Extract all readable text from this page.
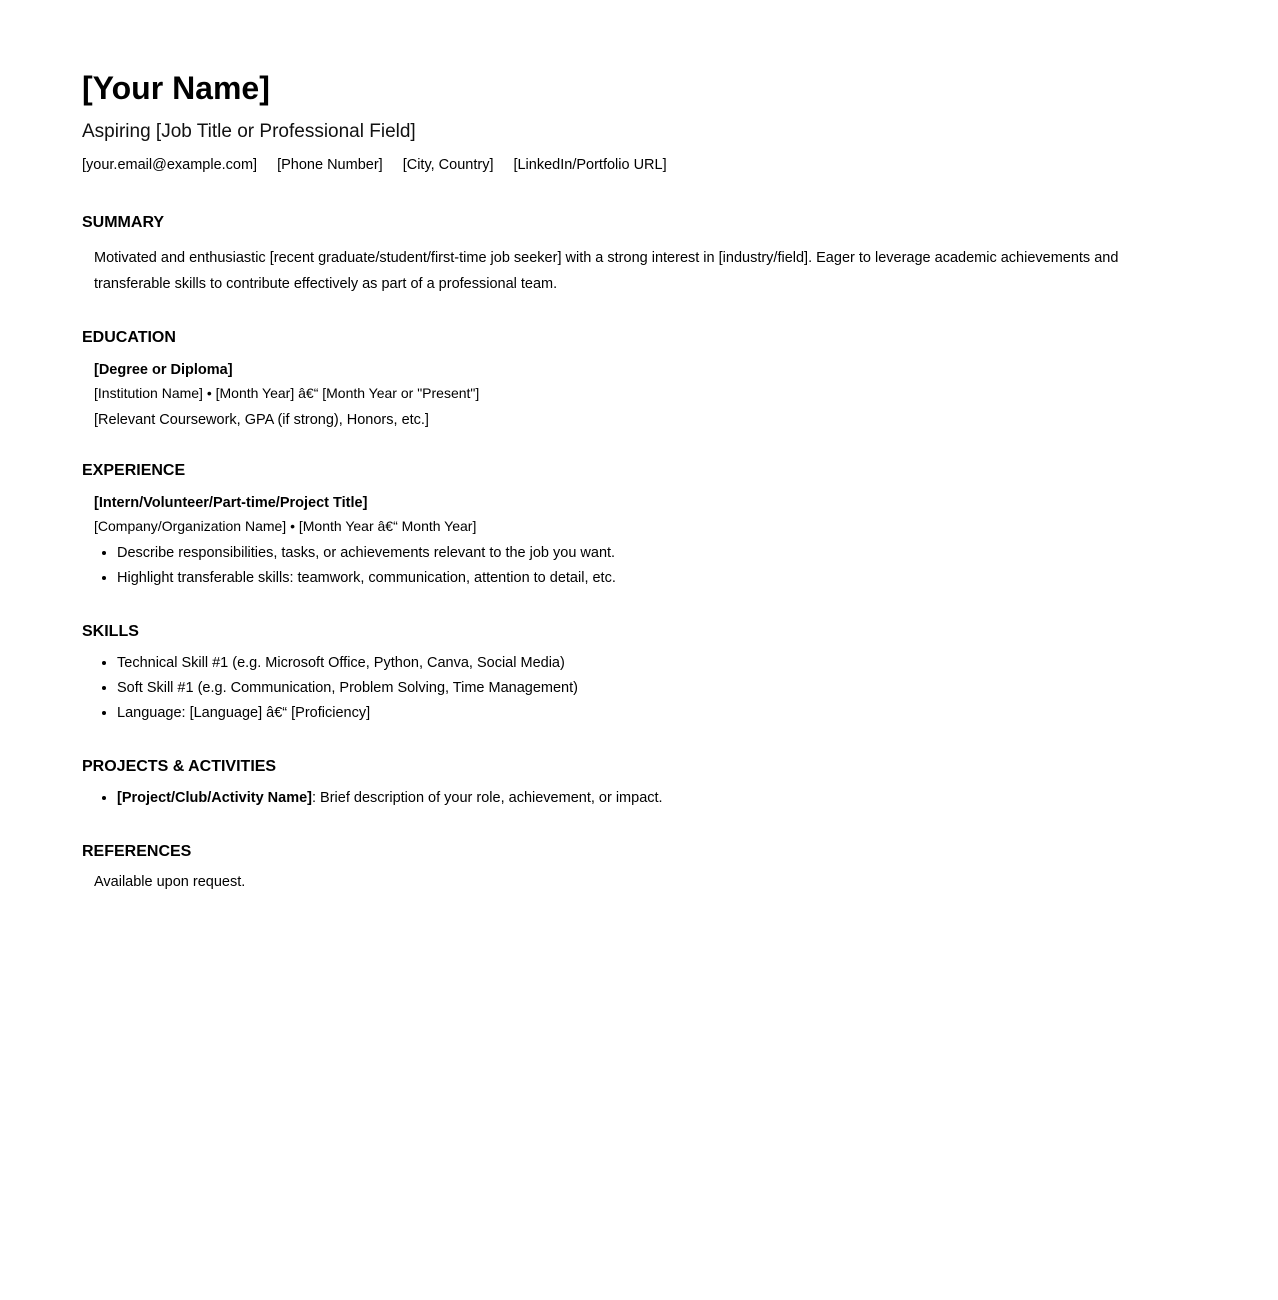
[Your Name]
Aspiring [Job Title or Professional Field]
[your.email@example.com] [Phone Number] [City, Country] [LinkedIn/Portfolio URL]
SUMMARY
Motivated and enthusiastic [recent graduate/student/first-time job seeker] with a strong interest in [industry/field]. Eager to leverage academic achievements and transferable skills to contribute effectively as part of a professional team.
EDUCATION
[Degree or Diploma]
[Institution Name] • [Month Year] â€“ [Month Year or "Present"]
[Relevant Coursework, GPA (if strong), Honors, etc.]
EXPERIENCE
[Intern/Volunteer/Part-time/Project Title]
[Company/Organization Name] • [Month Year â€“ Month Year]
• Describe responsibilities, tasks, or achievements relevant to the job you want.
• Highlight transferable skills: teamwork, communication, attention to detail, etc.
SKILLS
• Technical Skill #1 (e.g. Microsoft Office, Python, Canva, Social Media)
• Soft Skill #1 (e.g. Communication, Problem Solving, Time Management)
• Language: [Language] â€“ [Proficiency]
PROJECTS & ACTIVITIES
• [Project/Club/Activity Name]: Brief description of your role, achievement, or impact.
REFERENCES
Available upon request.
